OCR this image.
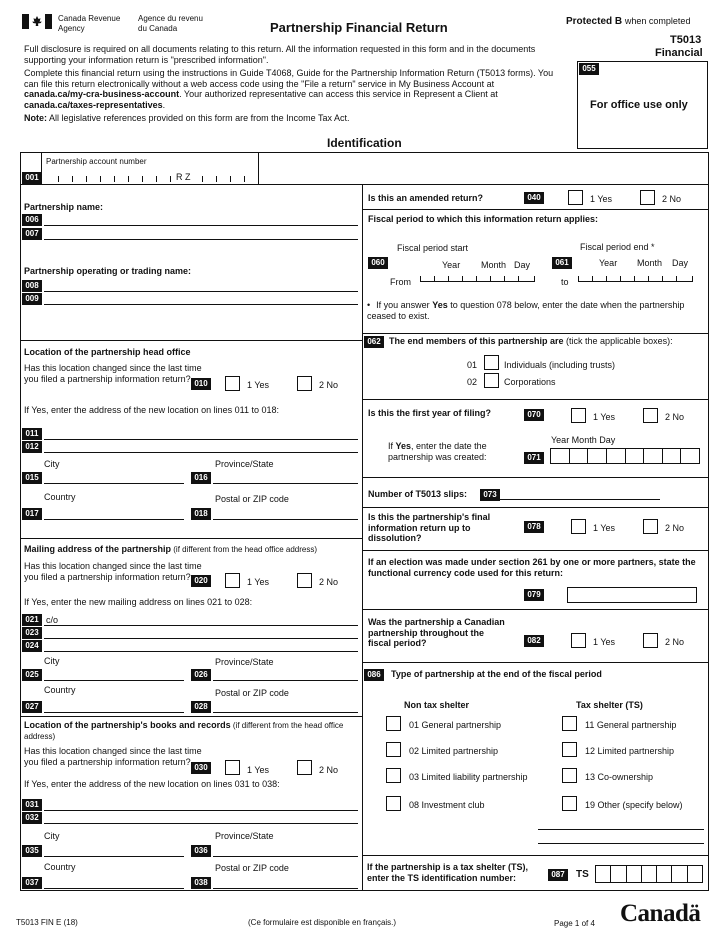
Canada Revenue
Agency
Agence du revenu
du Canada	Partnership Financial Return	Protected B when completed
T5013
Financial
055
For office use only
Full disclosure is required on all documents relating to this return. All the information requested in this form and in the documents supporting your information return is "prescribed information".
Complete this financial return using the instructions in Guide T4068, Guide for the Partnership Information Return (T5013 forms). You can file this return electronically without a web access code using the "File a return" service in My Business Account at canada.ca/my-cra-business-account. Your authorized representative can access this service in Represent a Client at canada.ca/taxes-representatives.
Note: All legislative references provided on this form are from the Income Tax Act.
Identification
Partnership account number
001	R Z
Partnership name:
006
007
Partnership operating or trading name:
008
009
Location of the partnership head office
Has this location changed since the last time you filed a partnership information return? 010	1 Yes	2 No
If Yes, enter the address of the new location on lines 011 to 018:
011
012
City	Province/State
015	016
Country	Postal or ZIP code
017	018
Mailing address of the partnership (if different from the head office address)
Has this location changed since the last time you filed a partnership information return? 020	1 Yes	2 No
If Yes, enter the new mailing address on lines 021 to 028:
021 c/o
023
024
City	Province/State
025	026
Country	Postal or ZIP code
027	028
Location of the partnership's books and records (if different from the head office address)
Has this location changed since the last time you filed a partnership information return?
030	1 Yes	2 No
If Yes, enter the address of the new location on lines 031 to 038:
031
032
City	Province/State
035	036
Country	Postal or ZIP code
037	038
Is this an amended return?	040	1 Yes	2 No
Fiscal period to which this information return applies:
Fiscal period start	Fiscal period end *
060	Year Month Day
From
061	Year Month Day
to
• If you answer Yes to question 078 below, enter the date when the partnership ceased to exist.
062 The end members of this partnership are (tick the applicable boxes):
01	Individuals (including trusts)
02	Corporations
Is this the first year of filing?	070	1 Yes	2 No
Year Month Day
If Yes, enter the date the partnership was created:	071
Number of T5013 slips:	073
Is this the partnership's final information return up to dissolution?
078	1 Yes	2 No
If an election was made under section 261 by one or more partners, state the functional currency code used for this return:
079
Was the partnership a Canadian partnership throughout the fiscal period?	082	1 Yes	2 No
086	Type of partnership at the end of the fiscal period
Non tax shelter	Tax shelter (TS)
01 General partnership
02 Limited partnership
03 Limited liability partnership
08 Investment club
11 General partnership
12 Limited partnership
13 Co-ownership
19 Other (specify below)
If the partnership is a tax shelter (TS), enter the TS identification number:	087	TS
T5013 FIN E (18)	(Ce formulaire est disponible en français.)	Page 1 of 4 Canadä
